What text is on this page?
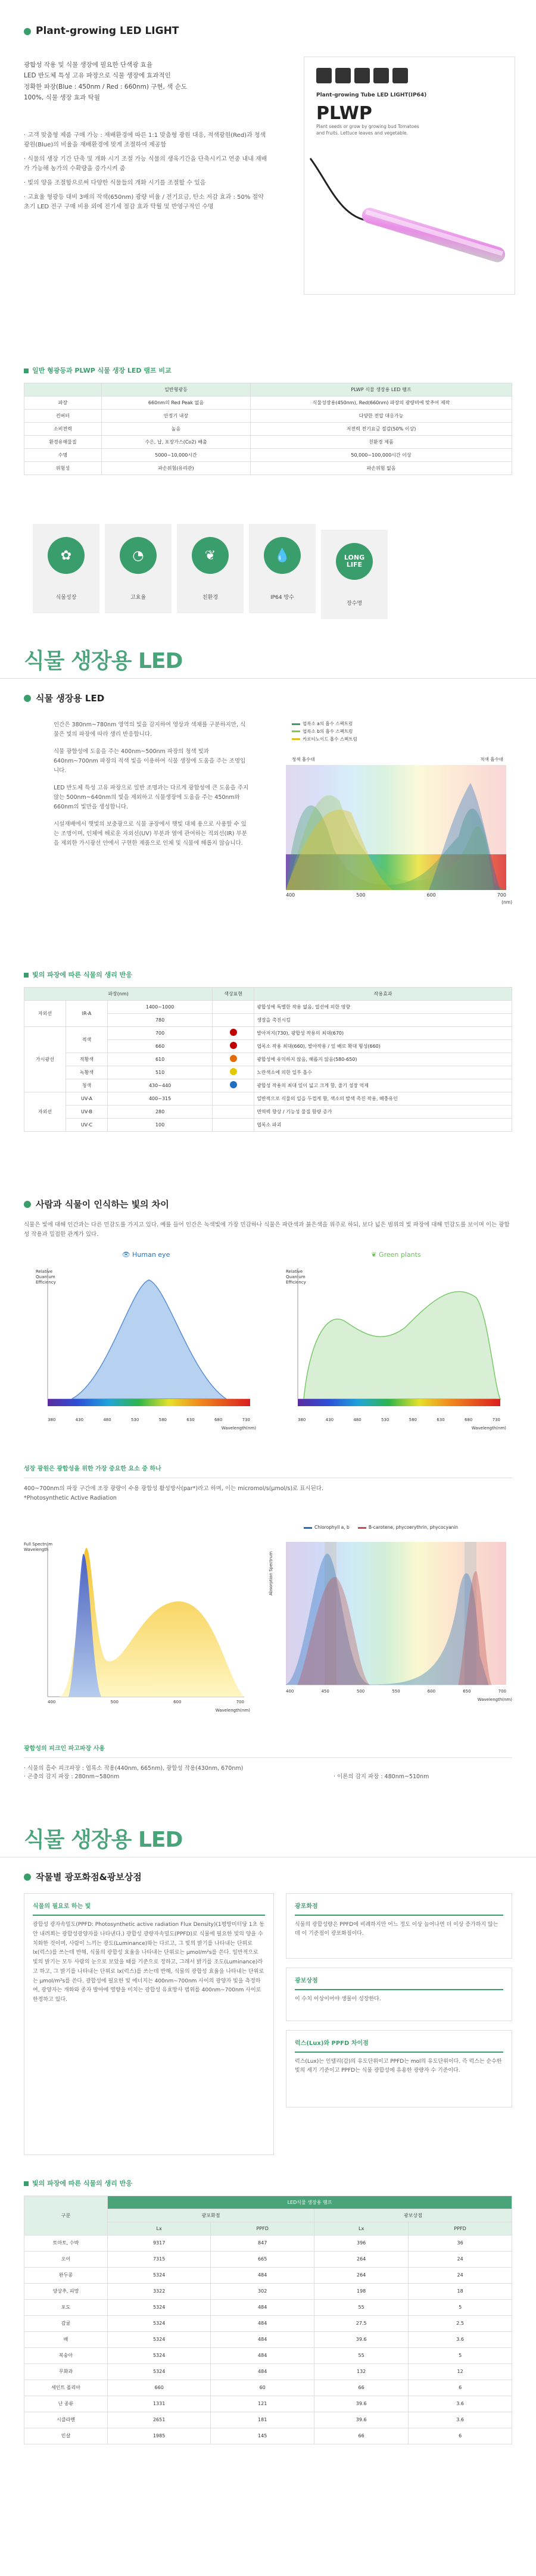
Plant-growing LED LIGHT
광합성 작용 및 식물 생장에 필요한 단색광 효율
LED 반도체 특성 고유 파장으로 식물 생장에 효과적인
정확한 파장(Blue : 450nm / Red : 660nm) 구현, 색 순도
100%, 식물 생장 효과 탁월
· 고객 맞춤형 제품 구매 가능 : 재배환경에 따른 1:1 맞춤형 광원 대응, 적색광원(Red)과 청색광원(Blue)의 비율을 재배환경에 맞게 조절하여 제공함
· 식물의 생장 기간 단축 및 개화 시기 조절 가능 식물의 생육기간을 단축시키고 연중 내내 재배가 가능해 농가의 수확량을 증가시켜 줌
· 빛의 양을 조절함으로써 다양한 식물들의 개화 시기를 조절할 수 있음
· 고효율 형광등 대비 3배의 작색(650nm) 광량 비율 / 전기요금, 탄소 저감 효과 : 50% 절약 초기 LED 전구 구매 비용 외에 전기세 절감 효과 탁월 및 반영구적인 수명
Plant-growing Tube LED LIGHT(IP64)
PLWP
Plant seeds or grow by growing bud Tomatoes and fruits. Lettuce leaves and vegetable.
일반 형광등과 PLWP 식물 생장 LED 램프 비교
	일반형광등	PLWP 식물 생장용 LED 램프
파장	660nm의 Red Peak 없음	식물성장용(450nm), Red(660nm) 파장의 광량비에 맞추어 제작
컨버터	안정기 내장	다양한 전압 대응가능
소비전력	높음	저전력 전기요금 절감(50% 이상)
환경유해물질	수은, 납, 포장가스(Co2) 배출	친환경 제품
수명	5000~10,000시간	50,000~100,000시간 이상
위험성	파손위험(유리관)	파손위험 없음
✿
식물성장
◔
고효율
❦
친환경
💧
IP64 방수
LONG LIFE
장수명
식물 생장용 LED
식물 생장용 LED

인간은 380nm~780nm 영역의 빛을 감지하여 영상과 색채를 구분하지만, 식물은 빛의 파장에 따라 생리 반응합니다.

식물 광합성에 도움을 주는 400nm~500nm 파장의 청색 빛과 640nm~700nm 파장의 적색 빛을 이용하여 식물 생장에 도움을 주는 조명입니다.

LED 반도체 특성 고유 파장으로 일반 조명과는 다르게 광합성에 큰 도움을 주지 않는 500nm~640nm의 빛을 제외하고 식물생장에 도움을 주는 450nm와 660nm의 빛만을 생성합니다.

시설재배에서 햇빛의 보충광으로 식물 공장에서 햇빛 대체 용으로 사용할 수 있는 조명이며, 인체에 해로운 자외선(UV) 부분과 열에 관여하는 적외선(IR) 부분을 제외한 가시광선 안에서 구현한 제품으로 인체 및 식물에 해롭지 않습니다.

엽록소 a의 흡수 스펙트럼
엽록소 b의 흡수 스펙트럼
카로티노이드 흡수 스펙트럼
청색 흡수대	적색 흡수대
400	500	600	700
(nm)
빛의 파장에 따른 식물의 생리 반응
파장(nm)			색상표현	작용효과
자외선	IR-A	1400~1000		광합성에 특별한 작용 없음, 열선에 의한 영향
		780		생장을 촉진시킴
가시광선	적색	700		발아저지(730), 광합성 작용의 최대(670)
		660		엽록소 작용 최대(660), 발아작용 / 잎 배로 확대 형성(660)
	적황색	610		광합성에 유익하지 않음, 해롭지 않음(580-650)
	녹황색	510		노란색소에 의한 일부 흡수
	청색	430~440		광합성 작용의 최대 잎이 넓고 크게 함, 줄기 성장 억제
자외선	UV-A	400~315		일반적으로 식물의 일을 두껍게 함, 색소의 발색 촉진 작용, 해충유인
	UV-B	280		면역력 향상 / 기능성 물질 함량 증가
	UV-C	100		엽록소 파괴
사람과 식물이 인식하는 빛의 차이
식물은 빛에 대해 인간과는 다른 민감도를 가지고 있다. 예를 들어 인간은 녹색빛에 가장 민감하나 식물은 파란색과 붉은색을 위주로 하되, 보다 넓은 범위의 빛 파장에 대해 민감도를 보이며 이는 광합성 작용과 밀접한 관계가 있다.
👁 Human eye
Relative Quantum Efficiency
380	430	480	530	580	630	680	730
Wavelength(nm)
❦ Green plants
Relative Quantum Efficiency
380	430	480	530	580	630	680	730
Wavelength(nm)
성장 광원은 광합성을 위한 가장 중요한 요소 중 하나
400~700nm의 파장 구간에 조장 광량이 수용 광합성 활성방사(par*)라고 하며, 이는 micromol/s(μmol/s)로 표시된다.
*Photosynthetic Active Radiation
Full Spectrum Wavelength
400	500	600	700
Wavelength(nm)
Chlorophyll a, b	B-carotene, phycoerythrin, phycocyanin
Absorption Spectrum
400	450	500	550	600	650	700
Wavelength(nm)
광합성의 피크인 파고파장 사용
· 식물의 흡수 피크파장 : 엽록소 작용(440nm, 665nm), 광합성 작용(430nm, 670nm)
· 이론의 감지 파장 : 480nm~510nm
· 곤충의 감지 파장 : 280nm~580nm
식물 생장용 LED
작물별 광포화점&광보상점
식물의 필요로 하는 빛
광합성 광자속밀도(PPFD: Photosynthetic active radiation Flux Density)(1평방미터당 1초 동안 내려쬐는 광합성광양자를 나타낸다.) 광합성 광량자속밀도(PPFD)로 식물에 필요한 빛의 양을 수치화한 것이며, 사람이 느끼는 광도(Luminance)와는 다르고, 그 빛의 밝기를 나타내는 단위로 lx(럭스)를 쓰는데 반해, 식물의 광합성 효율을 나타내는 단위로는 μmol/m²s를 쓴다. 일반적으로 빛의 밝기는 모두 사람의 눈으로 보았을 때를 기준으로 정하고, 그래서 밝기를 조도(Luminance)라고 하고, 그 밝기를 나타내는 단위로 lx(럭스)를 쓰는데 반해, 식물의 광합성 효율을 나타내는 단위로는 μmol/m²s를 쓴다. 광합성에 필요한 빛 에너지는 400nm~700nm 사이의 광양자 빛을 측정하여, 광양자는 개화와 종자 발아에 영향을 미치는 광합성 유효방사 범위를 400nm~700nm 사이로 한정하고 있다.
광포화점
식물의 광합성량은 PPFD에 비례하지만 어느 정도 이상 늘어나면 더 이상 증가하지 않는데 이 기준점이 광포화점이다.
광보상점
이 수치 이상이어야 생물이 성장한다.
럭스(Lux)와 PPFD 차이점
럭스(Lux)는 인텔리(감)의 유도단위이고 PPFD는 mol의 유도단위이다. 즉 럭스는 순수한 빛의 세기 기준이고 PPFD는 식물 광합성에 유용한 광량자 수 기준이다.
빛의 파장에 따른 식물의 생리 반응
구분	LED식물 생장용 램프			
	광포화점		광보상점	
	Lx	PPFD	Lx	PPFD
토마토, 수박	9317	847	396	36
오이	7315	665	264	24
완두콩	5324	484	264	24
양상추, 피망	3322	302	198	18
포도	5324	484	55	5
감귤	5324	484	27.5	2.5
배	5324	484	39.6	3.6
복숭아	5324	484	55	5
무화과	5324	484	132	12
세인트 폴리아	660	60	66	6
난 종류	1331	121	39.6	3.6
시클라멘	2651	181	39.6	3.6
민살	1985	145	66	6
